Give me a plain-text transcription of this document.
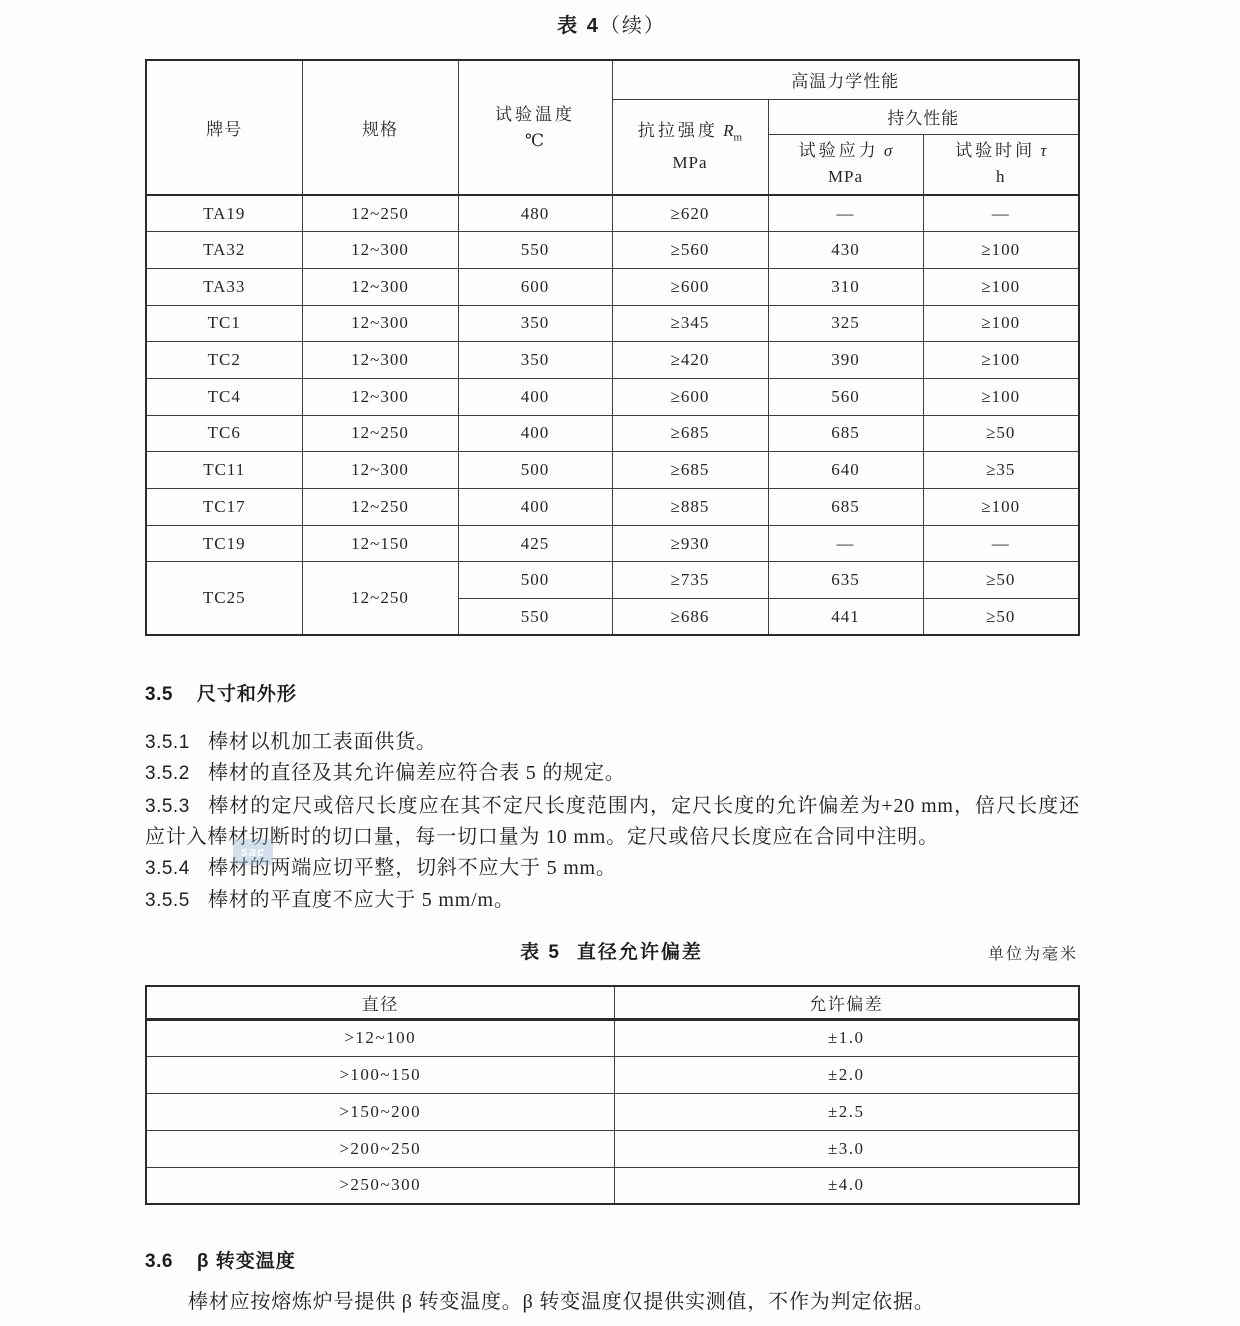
表 4（续）
牌号	规格	试验温度
℃	高温力学性能		

			抗拉强度 $R_m$
MPa	持久性能	

试验应力 σ
MPa

试验时间 τ
h

TA19	12~250	480	≥620	—	—
TA32	12~300	550	≥560	430	≥100
TA33	12~300	600	≥600	310	≥100
TC1	12~300	350	≥345	325	≥100
TC2	12~300	350	≥420	390	≥100
TC4	12~300	400	≥600	560	≥100
TC6	12~250	400	≥685	685	≥50
TC11	12~300	500	≥685	640	≥35
TC17	12~250	400	≥885	685	≥100
TC19	12~150	425	≥930	—	—
TC25	12~250	500	≥735	635	≥50
		550	≥686	441	≥50
3.5 尺寸和外形
3.5.1 棒材以机加工表面供货。
3.5.2 棒材的直径及其允许偏差应符合表 5 的规定。
3.5.3 棒材的定尺或倍尺长度应在其不定尺长度范围内，定尺长度的允许偏差为+20 mm，倍尺长度还应计入棒材切断时的切口量，每一切口量为 10 mm。定尺或倍尺长度应在合同中注明。
3.5.4 棒材的两端应切平整，切斜不应大于 5 mm。
3.5.5 棒材的平直度不应大于 5 mm/m。
sac
表 5 直径允许偏差	单位为毫米
直径	允许偏差
>12~100	±1.0
>100~150	±2.0
>150~200	±2.5
>200~250	±3.0
>250~300	±4.0
3.6 β 转变温度
棒材应按熔炼炉号提供 β 转变温度。β 转变温度仅提供实测值，不作为判定依据。
